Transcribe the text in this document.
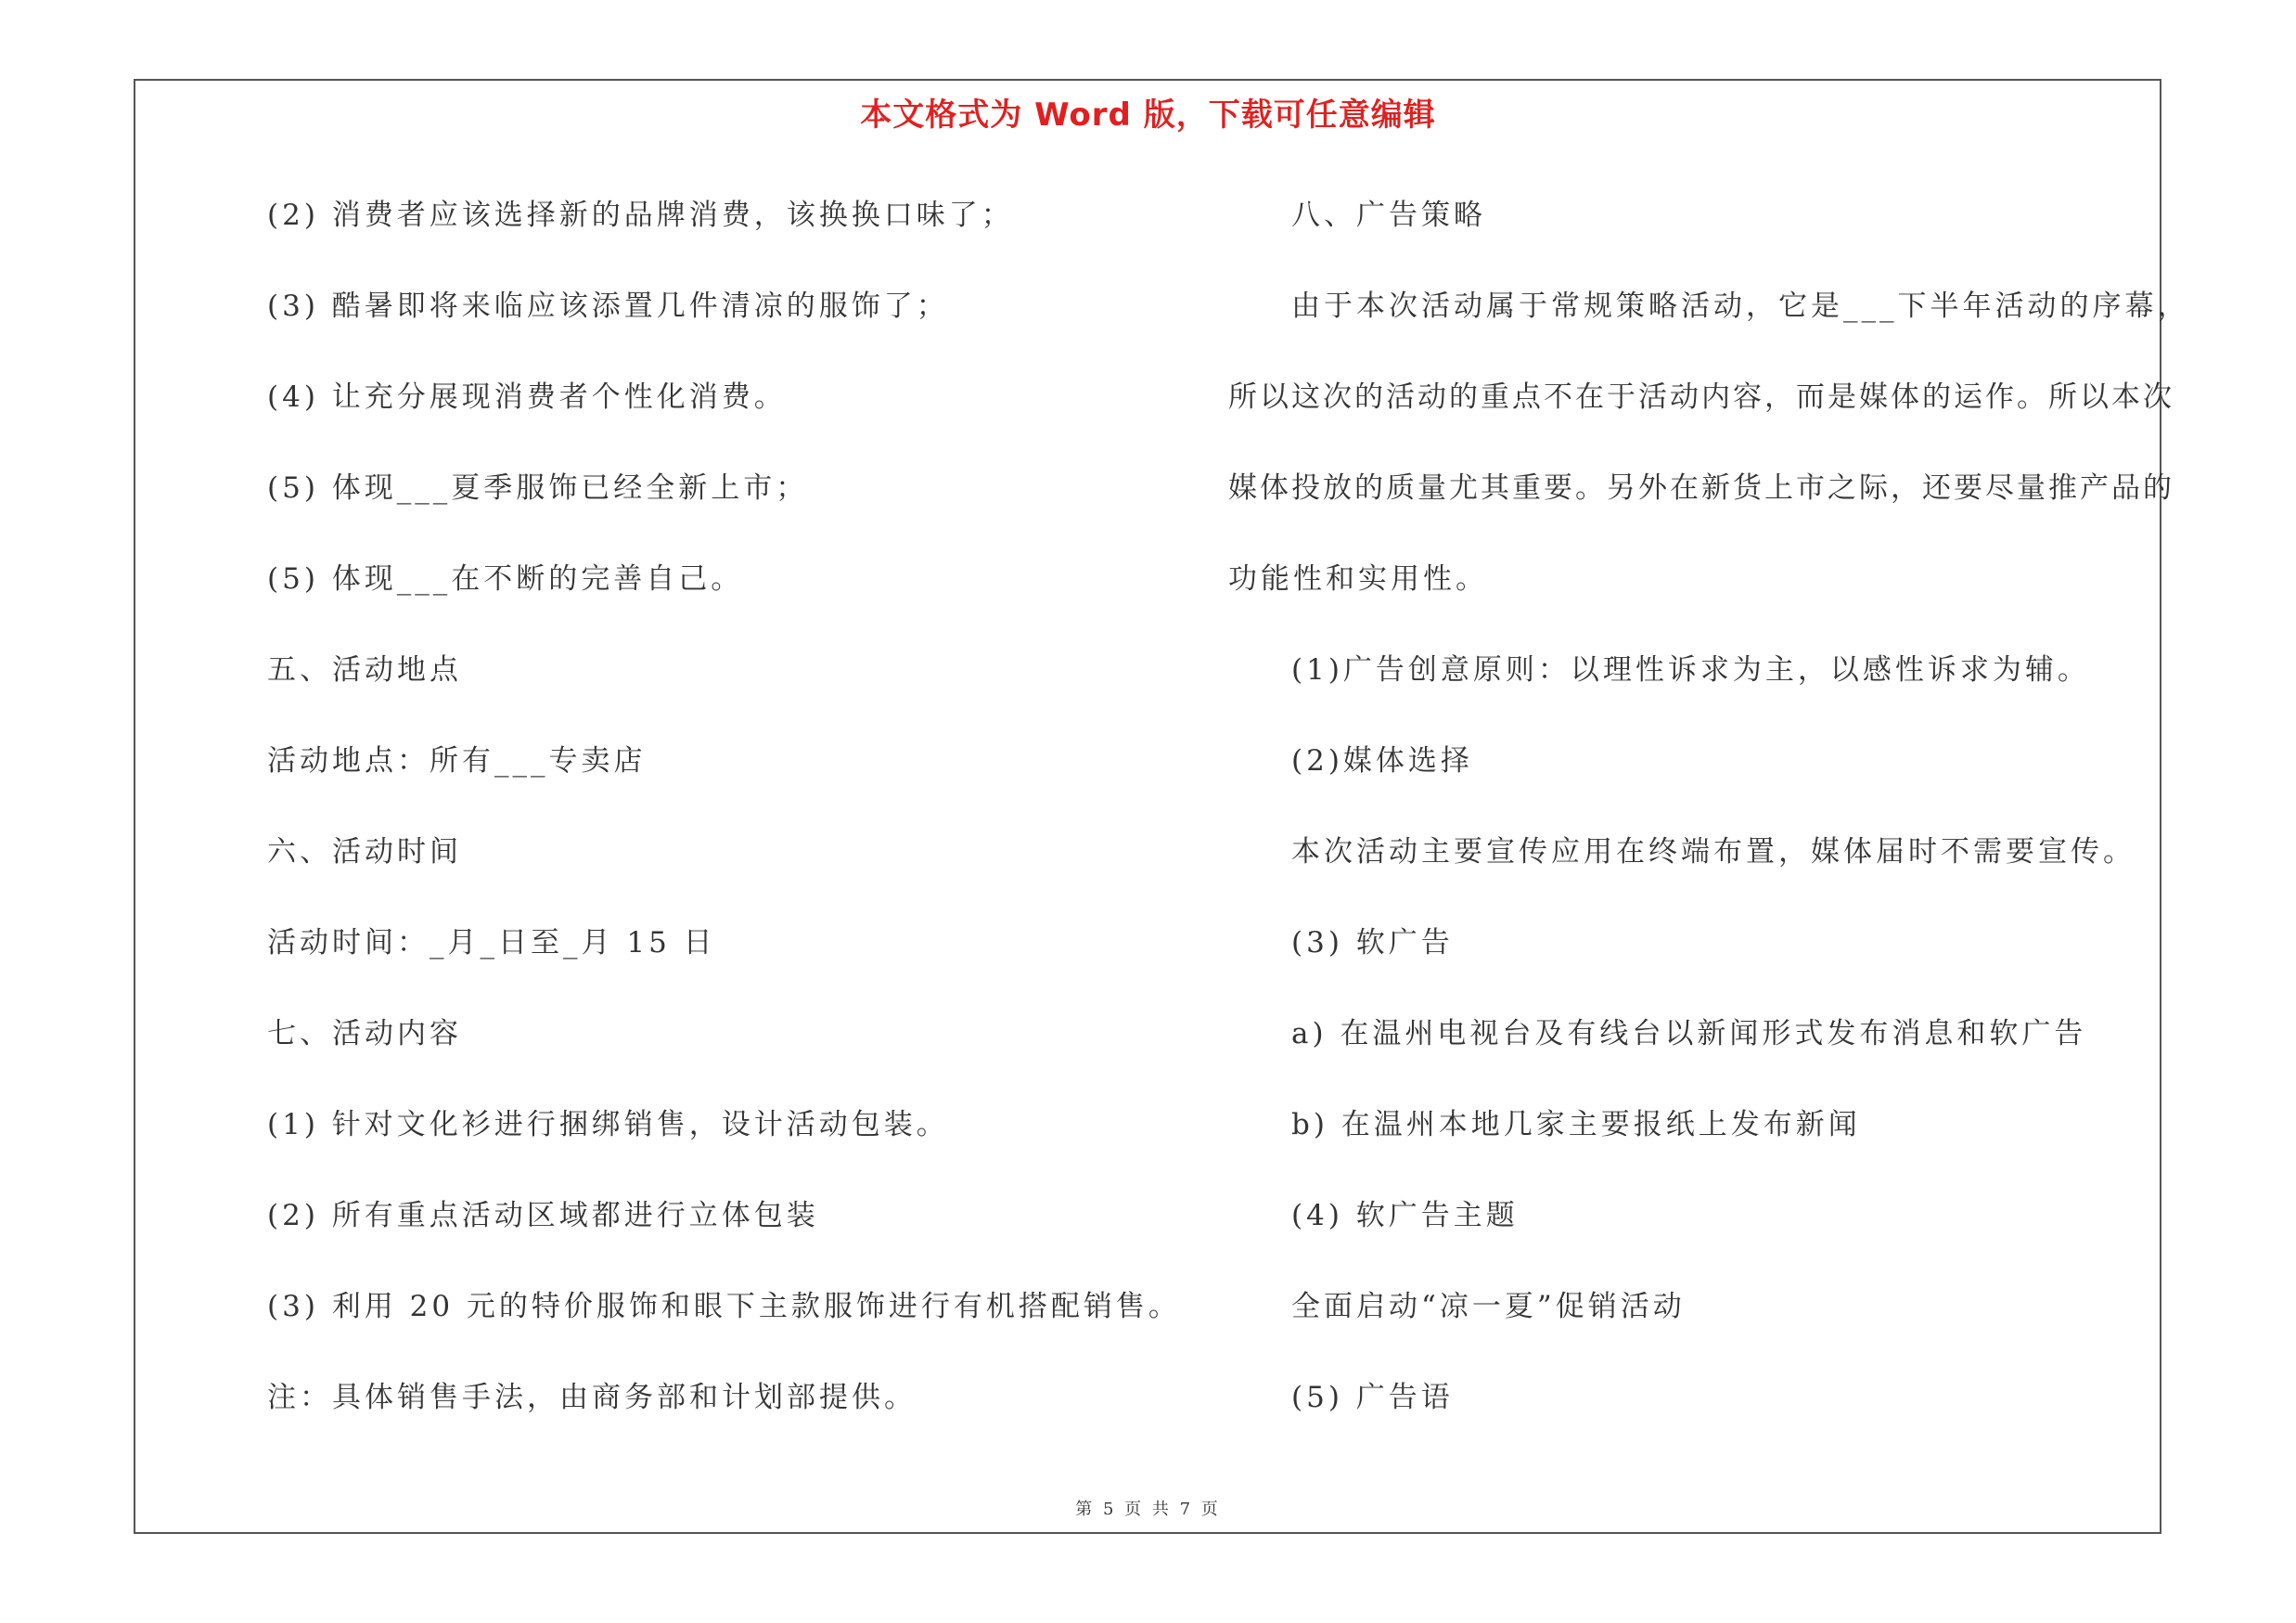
本文格式为 Word 版，下载可任意编辑
(2) 消费者应该选择新的品牌消费，该换换口味了；
(3) 酷暑即将来临应该添置几件清凉的服饰了；
(4) 让充分展现消费者个性化消费。
(5) 体现___夏季服饰已经全新上市；
(5) 体现___在不断的完善自己。
五、活动地点
活动地点：所有___专卖店
六、活动时间
活动时间：_月_日至_月 15 日
七、活动内容
(1) 针对文化衫进行捆绑销售，设计活动包装。
(2) 所有重点活动区域都进行立体包装
(3) 利用 20 元的特价服饰和眼下主款服饰进行有机搭配销售。
注：具体销售手法，由商务部和计划部提供。
八、广告策略
由于本次活动属于常规策略活动，它是___下半年活动的序幕，
所以这次的活动的重点不在于活动内容，而是媒体的运作。所以本次
媒体投放的质量尤其重要。另外在新货上市之际，还要尽量推产品的
功能性和实用性。
(1)广告创意原则：以理性诉求为主，以感性诉求为辅。
(2)媒体选择
本次活动主要宣传应用在终端布置，媒体届时不需要宣传。
(3) 软广告
a) 在温州电视台及有线台以新闻形式发布消息和软广告
b) 在温州本地几家主要报纸上发布新闻
(4) 软广告主题
全面启动“凉一夏”促销活动
(5) 广告语
第 5 页 共 7 页
